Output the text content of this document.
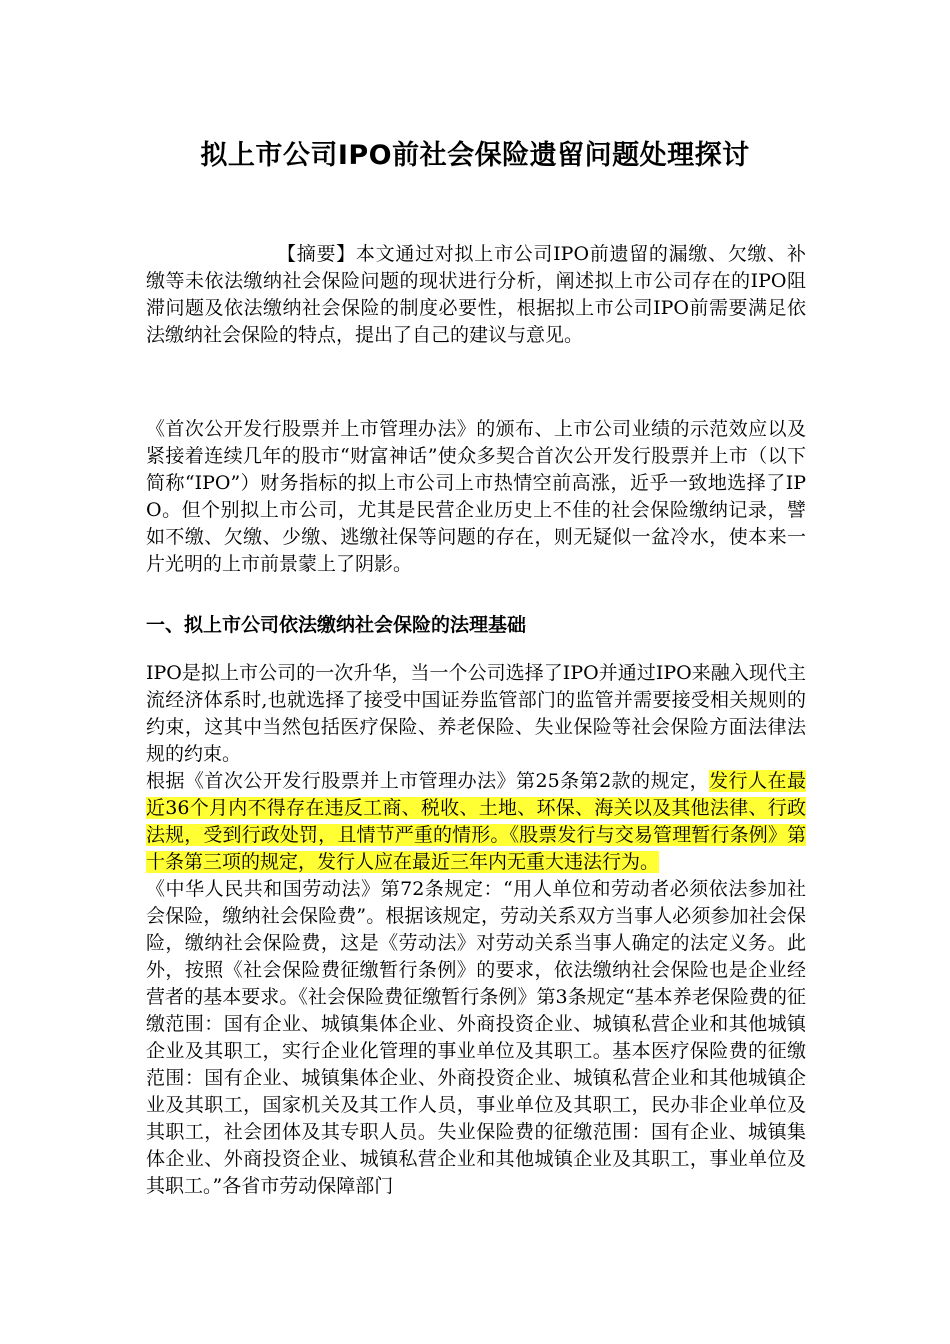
拟上市公司IPO前社会保险遗留问题处理探讨

【摘要】本文通过对拟上市公司IPO前遗留的漏缴、欠缴、补缴等未依法缴纳社会保险问题的现状进行分析，阐述拟上市公司存在的IPO阻滞问题及依法缴纳社会保险的制度必要性，根据拟上市公司IPO前需要满足依法缴纳社会保险的特点，提出了自己的建议与意见。

《首次公开发行股票并上市管理办法》的颁布、上市公司业绩的示范效应以及紧接着连续几年的股市“财富神话”使众多契合首次公开发行股票并上市（以下简称“IPO”）财务指标的拟上市公司上市热情空前高涨，近乎一致地选择了IPO。但个别拟上市公司，尤其是民营企业历史上不佳的社会保险缴纳记录，譬如不缴、欠缴、少缴、逃缴社保等问题的存在，则无疑似一盆冷水，使本来一片光明的上市前景蒙上了阴影。

一、拟上市公司依法缴纳社会保险的法理基础

IPO是拟上市公司的一次升华，当一个公司选择了IPO并通过IPO来融入现代主流经济体系时,也就选择了接受中国证券监管部门的监管并需要接受相关规则的约束，这其中当然包括医疗保险、养老保险、失业保险等社会保险方面法律法规的约束。

根据《首次公开发行股票并上市管理办法》第25条第2款的规定，发行人在最近36个月内不得存在违反工商、税收、土地、环保、海关以及其他法律、行政法规，受到行政处罚，且情节严重的情形。《股票发行与交易管理暂行条例》第十条第三项的规定，发行人应在最近三年内无重大违法行为。

《中华人民共和国劳动法》第72条规定：“用人单位和劳动者必须依法参加社会保险，缴纳社会保险费”。根据该规定，劳动关系双方当事人必须参加社会保险，缴纳社会保险费，这是《劳动法》对劳动关系当事人确定的法定义务。此外，按照《社会保险费征缴暂行条例》的要求，依法缴纳社会保险也是企业经营者的基本要求。《社会保险费征缴暂行条例》第3条规定“基本养老保险费的征缴范围：国有企业、城镇集体企业、外商投资企业、城镇私营企业和其他城镇企业及其职工，实行企业化管理的事业单位及其职工。基本医疗保险费的征缴范围：国有企业、城镇集体企业、外商投资企业、城镇私营企业和其他城镇企业及其职工，国家机关及其工作人员，事业单位及其职工，民办非企业单位及其职工，社会团体及其专职人员。失业保险费的征缴范围：国有企业、城镇集体企业、外商投资企业、城镇私营企业和其他城镇企业及其职工，事业单位及其职工。”各省市劳动保障部门
